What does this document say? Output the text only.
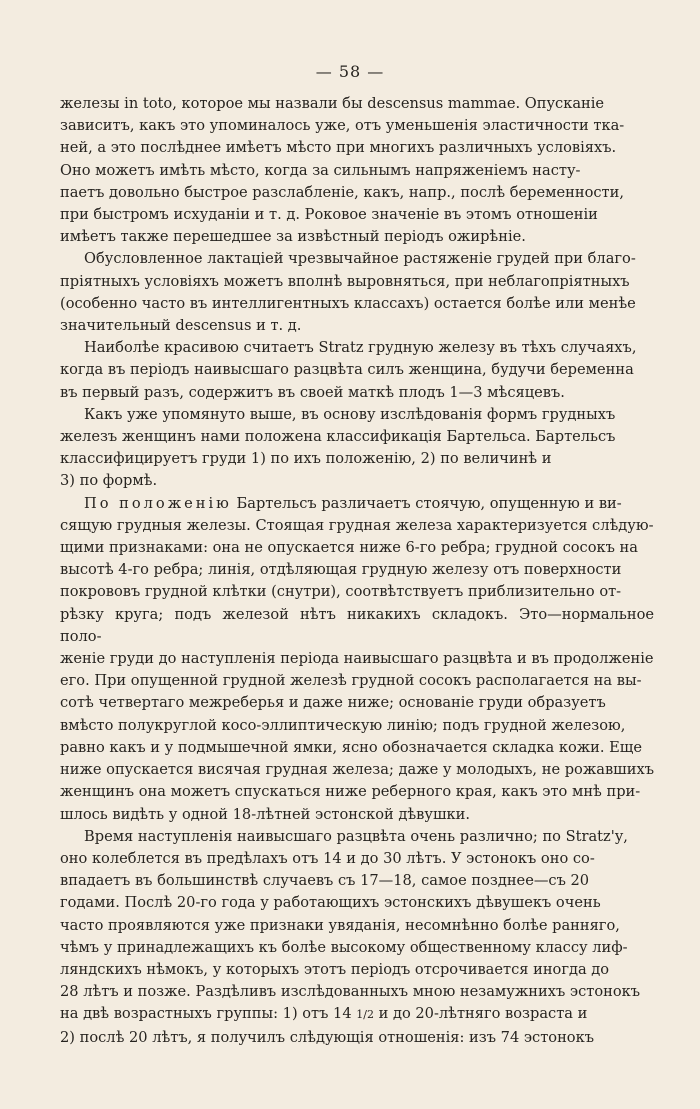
— 58 —

железы in toto, которое мы назвали бы descensus mammae. Опусканіе

зависитъ, какъ это упоминалось уже, отъ уменьшенія эластичности тка-

ней, а это послѣднее имѣетъ мѣсто при многихъ различныхъ условіяхъ.

Оно можетъ имѣть мѣсто, когда за сильнымъ напряженіемъ насту-

паетъ довольно быстрое разслабленіе, какъ, напр., послѣ беременности,

при быстромъ исхуданіи и т. д. Роковое значеніе въ этомъ отношеніи

имѣетъ также перешедшее за извѣстный періодъ ожирѣніе.

Обусловленное лактаціей чрезвычайное растяженіе грудей при благо-

пріятныхъ условіяхъ можетъ вполнѣ выровняться, при неблагопріятныхъ

(особенно часто въ интеллигентныхъ классахъ) остается болѣе или менѣе

значительный descensus и т. д.

Наиболѣе красивою считаетъ Stratz грудную железу въ тѣхъ случаяхъ,

когда въ періодъ наивысшаго разцвѣта силъ женщина, будучи беременна

въ первый разъ, содержитъ въ своей маткѣ плодъ 1—3 мѣсяцевъ.

Какъ уже упомянуто выше, въ основу изслѣдованія формъ грудныхъ

железъ женщинъ нами положена классификація Бартельса. Бартельсъ

классифицируетъ груди 1) по ихъ положенію, 2) по величинѣ и

3) по формѣ.

По положенію Бартельсъ различаетъ стоячую, опущенную и ви-

сящую грудныя железы. Стоящая грудная железа характеризуется слѣдую-

щими признаками: она не опускается ниже 6-го ребра; грудной сосокъ на

высотѣ 4-го ребра; линія, отдѣляющая грудную железу отъ поверхности

покрововъ грудной клѣтки (снутри), соотвѣтствуетъ приблизительно от-

рѣзку круга; подъ железой нѣтъ никакихъ складокъ. Это—нормальное поло-

женіе груди до наступленія періода наивысшаго разцвѣта и въ продолженіе

его. При опущенной грудной железѣ грудной сосокъ располагается на вы-

сотѣ четвертаго межреберья и даже ниже; основаніе груди образуетъ

вмѣсто полукруглой косо-эллиптическую линію; подъ грудной железою,

равно какъ и у подмышечной ямки, ясно обозначается складка кожи. Еще

ниже опускается висячая грудная железа; даже у молодыхъ, не рожавшихъ

женщинъ она можетъ спускаться ниже реберного края, какъ это мнѣ при-

шлось видѣть у одной 18-лѣтней эстонской дѣвушки.

Время наступленія наивысшаго разцвѣта очень различно; по Stratz'у,

оно колеблется въ предѣлахъ отъ 14 и до 30 лѣтъ. У эстонокъ оно со-

впадаетъ въ большинствѣ случаевъ съ 17—18, самое позднее—съ 20

годами. Послѣ 20-го года у работающихъ эстонскихъ дѣвушекъ очень

часто проявляются уже признаки увяданія, несомнѣнно болѣе ранняго,

чѣмъ у принадлежащихъ къ болѣе высокому общественному классу лиф-

ляндскихъ нѣмокъ, у которыхъ этотъ періодъ отсрочивается иногда до

28 лѣтъ и позже. Раздѣливъ изслѣдованныхъ мною незамужнихъ эстонокъ

на двѣ возрастныхъ группы: 1) отъ 14 1/2 и до 20-лѣтняго возраста и

2) послѣ 20 лѣтъ, я получилъ слѣдующія отношенія: изъ 74 эстонокъ
